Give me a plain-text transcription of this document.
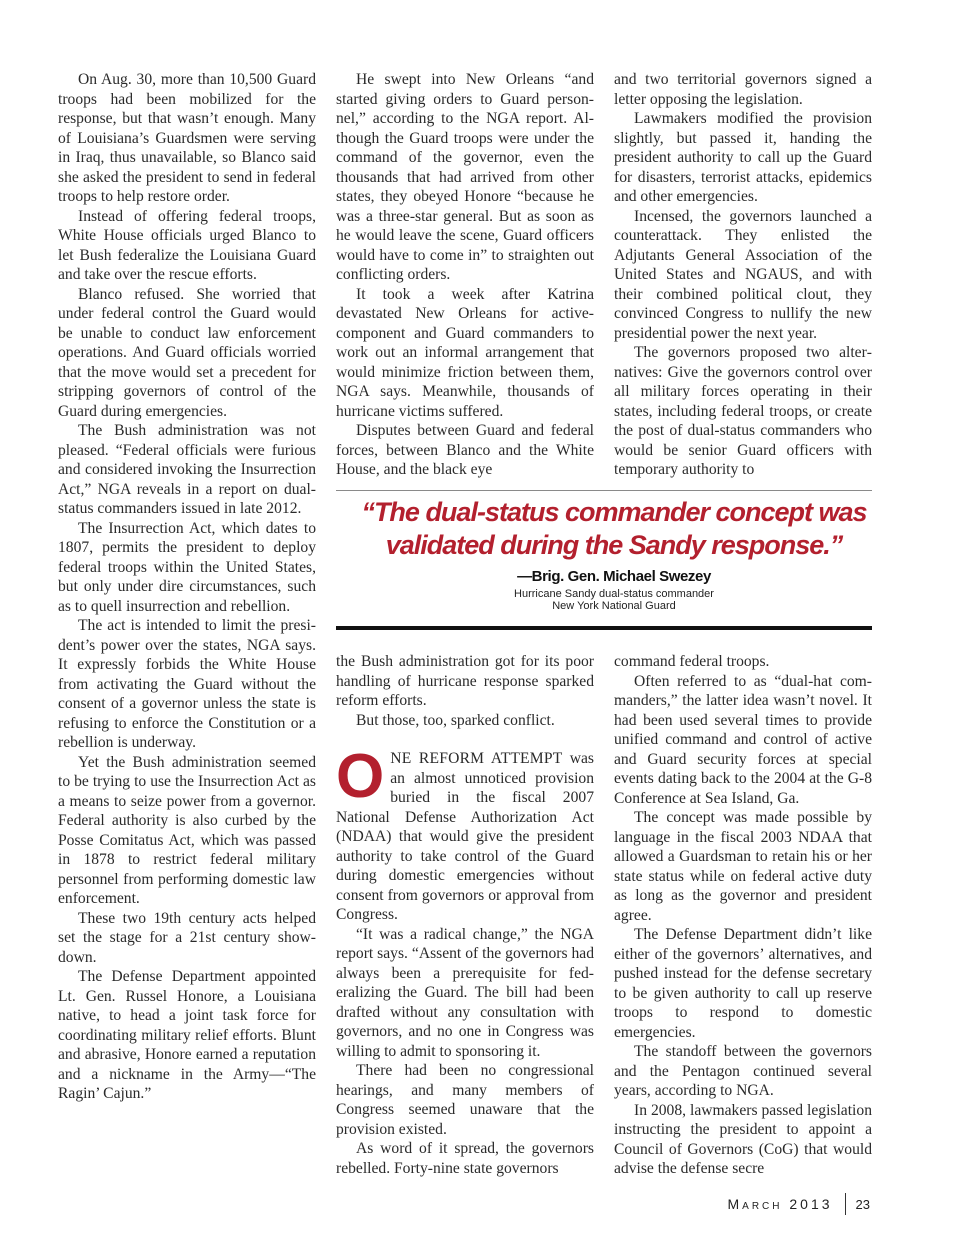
On Aug. 30, more than 10,500 Guard troops had been mobilized for the response, but that wasn’t enough. Many of Louisiana’s Guardsmen were serving in Iraq, thus unavailable, so Blanco said she asked the president to send in federal troops to help restore order.

Instead of offering federal troops, White House officials urged Blanco to let Bush federalize the Louisiana Guard and take over the rescue efforts.

Blanco refused. She worried that under federal control the Guard would be unable to conduct law enforcement operations. And Guard officials worried that the move would set a precedent for stripping governors of control of the Guard during emergencies.

The Bush administration was not pleased. “Federal officials were furious and considered invoking the Insurrection Act,” NGA reveals in a report on dual-status commanders issued in late 2012.

The Insurrection Act, which dates to 1807, permits the president to deploy federal troops within the United States, but only under dire circumstances, such as to quell insurrection and rebellion.

The act is intended to limit the president’s power over the states, NGA says. It expressly forbids the White House from activating the Guard without the consent of a governor unless the state is refusing to enforce the Constitution or a rebellion is underway.

Yet the Bush administration seemed to be trying to use the Insurrection Act as a means to seize power from a governor. Federal authority is also curbed by the Posse Comitatus Act, which was passed in 1878 to restrict federal military personnel from performing domestic law enforcement.

These two 19th century acts helped set the stage for a 21st century showdown.

The Defense Department appointed Lt. Gen. Russel Honore, a Louisiana native, to head a joint task force for coordinating military relief efforts. Blunt and abrasive, Honore earned a reputation and a nickname in the Army—“The Ragin’ Cajun.”

He swept into New Orleans “and started giving orders to Guard personnel,” according to the NGA report. Although the Guard troops were under the command of the governor, even the thousands that had arrived from other states, they obeyed Honore “because he was a three-star general. But as soon as he would leave the scene, Guard officers would have to come in” to straighten out conflicting orders.

It took a week after Katrina devastated New Orleans for active-component and Guard commanders to work out an informal arrangement that would minimize friction between them, NGA says. Meanwhile, thousands of hurricane victims suffered.

Disputes between Guard and federal forces, between Blanco and the White House, and the black eye

and two territorial governors signed a letter opposing the legislation.

Lawmakers modified the provision slightly, but passed it, handing the president authority to call up the Guard for disasters, terrorist attacks, epidemics and other emergencies.

Incensed, the governors launched a counterattack. They enlisted the Adjutants General Association of the United States and NGAUS, and with their combined political clout, they convinced Congress to nullify the new presidential power the next year.

The governors proposed two alternatives: Give the governors control over all military forces operating in their states, including federal troops, or create the post of dual-status commanders who would be senior Guard officers with temporary authority to

“The dual-status commander concept was validated during the Sandy response.”

—Brig. Gen. Michael Swezey
Hurricane Sandy dual-status commander
New York National Guard

the Bush administration got for its poor handling of hurricane response sparked reform efforts.

But those, too, sparked conflict.

ONE REFORM ATTEMPT was an almost unnoticed provision buried in the fiscal 2007 National Defense Authorization Act (NDAA) that would give the president authority to take control of the Guard during domestic emergencies without consent from governors or approval from Congress.

“It was a radical change,” the NGA report says. “Assent of the governors had always been a prerequisite for federalizing the Guard. The bill had been drafted without any consultation with governors, and no one in Congress was willing to admit to sponsoring it.

There had been no congressional hearings, and many members of Congress seemed unaware that the provision existed.

As word of it spread, the governors rebelled. Forty-nine state governors

command federal troops.

Often referred to as “dual-hat commanders,” the latter idea wasn’t novel. It had been used several times to provide unified command and control of active and Guard security forces at special events dating back to the 2004 at the G-8 Conference at Sea Island, Ga.

The concept was made possible by language in the fiscal 2003 NDAA that allowed a Guardsman to retain his or her state status while on federal active duty as long as the governor and president agree.

The Defense Department didn’t like either of the governors’ alternatives, and pushed instead for the defense secretary to be given authority to call up reserve troops to respond to domestic emergencies.

The standoff between the governors and the Pentagon continued several years, according to NGA.

In 2008, lawmakers passed legislation instructing the president to appoint a Council of Governors (CoG) that would advise the defense secre

March 2013 23
